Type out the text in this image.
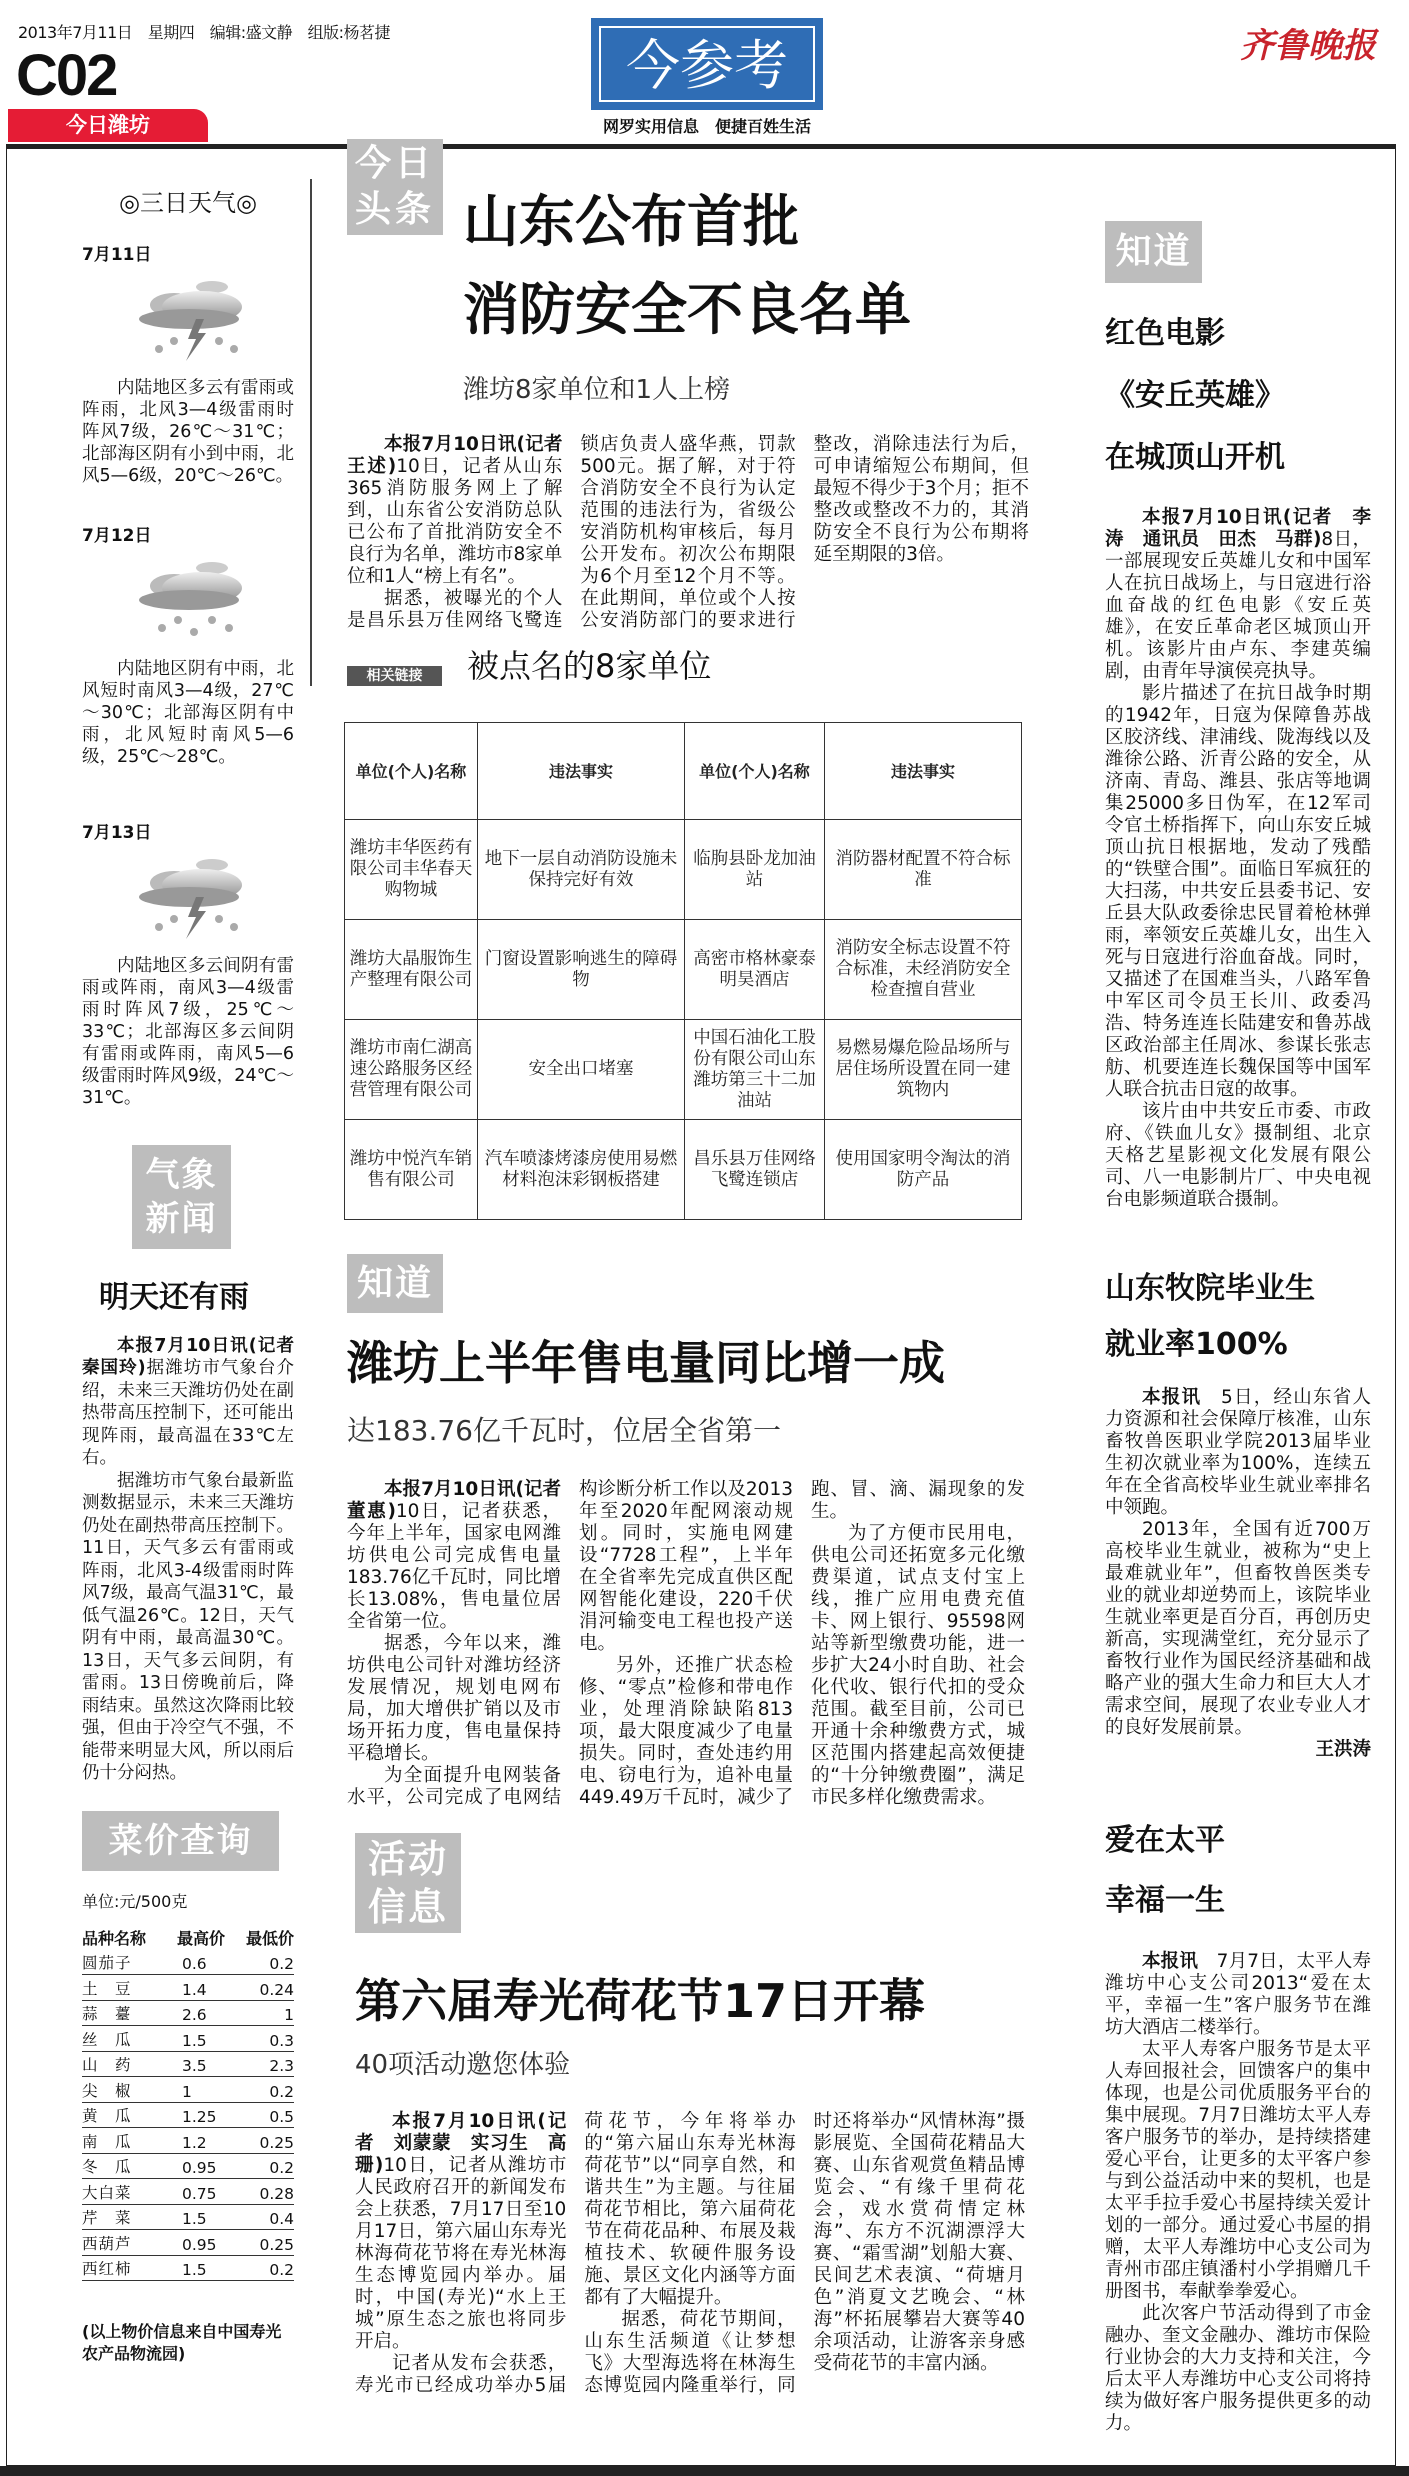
2013年7月11日　星期四　编辑:盛文静　组版:杨茗捷
C02
今日潍坊
今参考
网罗实用信息　便捷百姓生活
齐鲁晚报
◎三日天气◎
7月11日
内陆地区多云有雷雨或阵雨，北风3—4级雷雨时阵风7级，26℃～31℃；北部海区阴有小到中雨，北风5—6级，20℃～26℃。
7月12日
内陆地区阴有中雨，北风短时南风3—4级，27℃～30℃；北部海区阴有中雨，北风短时南风5—6级，25℃～28℃。
7月13日
内陆地区多云间阴有雷雨或阵雨，南风3—4级雷雨时阵风7级，25℃～33℃；北部海区多云间阴有雷雨或阵雨，南风5—6级雷雨时阵风9级，24℃～31℃。
气象新闻
明天还有雨

本报7月10日讯(记者　秦国玲)据潍坊市气象台介绍，未来三天潍坊仍处在副热带高压控制下，还可能出现阵雨，最高温在33℃左右。

据潍坊市气象台最新监测数据显示，未来三天潍坊仍处在副热带高压控制下。11日，天气多云有雷雨或阵雨，北风3-4级雷雨时阵风7级，最高气温31℃，最低气温26℃。12日，天气阴有中雨，最高温30℃。13日，天气多云间阴，有雷雨。13日傍晚前后，降雨结束。虽然这次降雨比较强，但由于冷空气不强，不能带来明显大风，所以雨后仍十分闷热。

菜价查询
单位:元/500克
品种名称	最高价	最低价
圆茄子	0.6	0.2
土　豆	1.4	0.24
蒜　薹	2.6	1
丝　瓜	1.5	0.3
山　药	3.5	2.3
尖　椒	1	0.2
黄　瓜	1.25	0.5
南　瓜	1.2	0.25
冬　瓜	0.95	0.2
大白菜	0.75	0.28
芹　菜	1.5	0.4
西葫芦	0.95	0.25
西红柿	1.5	0.2
(以上物价信息来自中国寿光农产品物流园)
今日头条 山东公布首批
消防安全不良名单
潍坊8家单位和1人上榜

本报7月10日讯(记者　王述)10日，记者从山东365消防服务网上了解到，山东省公安消防总队已公布了首批消防安全不良行为名单，潍坊市8家单位和1人“榜上有名”。

据悉，被曝光的个人是昌乐县万佳网络飞鹭连锁店负责人盛华燕，罚款500元。据了解，对于符合消防安全不良行为认定范围的违法行为，省级公安消防机构审核后，每月公开发布。初次公布期限为6个月至12个月不等。在此期间，单位或个人按公安消防部门的要求进行整改，消除违法行为后，可申请缩短公布期间，但最短不得少于3个月；拒不整改或整改不力的，其消防安全不良行为公布期将延至期限的3倍。

相关链接	被点名的8家单位
单位(个人)名称	违法事实	单位(个人)名称	违法事实
潍坊丰华医药有限公司丰华春天购物城	地下一层自动消防设施未保持完好有效	临朐县卧龙加油站	消防器材配置不符合标准
潍坊大晶服饰生产整理有限公司	门窗设置影响逃生的障碍物	高密市格林豪泰明昊酒店	消防安全标志设置不符合标准，未经消防安全检查擅自营业
潍坊市南仁湖高速公路服务区经营管理有限公司	安全出口堵塞	中国石油化工股份有限公司山东潍坊第三十二加油站	易燃易爆危险品场所与居住场所设置在同一建筑物内
潍坊中悦汽车销售有限公司	汽车喷漆烤漆房使用易燃材料泡沫彩钢板搭建	昌乐县万佳网络飞鹭连锁店	使用国家明令淘汰的消防产品
知道
潍坊上半年售电量同比增一成
达183.76亿千瓦时，位居全省第一

本报7月10日讯(记者　董惠)10日，记者获悉，今年上半年，国家电网潍坊供电公司完成售电量183.76亿千瓦时，同比增长13.08%，售电量位居全省第一位。

据悉，今年以来，潍坊供电公司针对潍坊经济发展情况，规划电网布局，加大增供扩销以及市场开拓力度，售电量保持平稳增长。

为全面提升电网装备水平，公司完成了电网结构诊断分析工作以及2013年至2020年配网滚动规划。同时，实施电网建设“7728工程”，上半年在全省率先完成直供区配网智能化建设，220千伏涓河输变电工程也投产送电。

另外，还推广状态检修、“零点”检修和带电作业，处理消除缺陷813项，最大限度减少了电量损失。同时，查处违约用电、窃电行为，追补电量449.49万千瓦时，减少了跑、冒、滴、漏现象的发生。

为了方便市民用电，供电公司还拓宽多元化缴费渠道，试点支付宝上线，推广应用电费充值卡、网上银行、95598网站等新型缴费功能，进一步扩大24小时自助、社会化代收、银行代扣的受众范围。截至目前，公司已开通十余种缴费方式，城区范围内搭建起高效便捷的“十分钟缴费圈”，满足市民多样化缴费需求。

活动信息
第六届寿光荷花节17日开幕
40项活动邀您体验

本报7月10日讯(记者　刘蒙蒙　实习生　高珊)10日，记者从潍坊市人民政府召开的新闻发布会上获悉，7月17日至10月17日，第六届山东寿光林海荷花节将在寿光林海生态博览园内举办。届时，中国(寿光)“水上王城”原生态之旅也将同步开启。

记者从发布会获悉，寿光市已经成功举办5届荷花节，今年将举办的“第六届山东寿光林海荷花节”以“同享自然，和谐共生”为主题。与往届荷花节相比，第六届荷花节在荷花品种、布展及栽植技术、软硬件服务设施、景区文化内涵等方面都有了大幅提升。

据悉，荷花节期间，山东生活频道《让梦想飞》大型海选将在林海生态博览园内隆重举行，同时还将举办“风情林海”摄影展览、全国荷花精品大赛、山东省观赏鱼精品博览会、“有缘千里荷花会，戏水赏荷情定林海”、东方不沉湖漂浮大赛、“霜雪湖”划船大赛、民间艺术表演、“荷塘月色”消夏文艺晚会、“林海”杯拓展攀岩大赛等40余项活动，让游客亲身感受荷花节的丰富内涵。

知道
红色电影
《安丘英雄》
在城顶山开机

本报7月10日讯(记者　李涛　通讯员　田杰　马群)8日，一部展现安丘英雄儿女和中国军人在抗日战场上，与日寇进行浴血奋战的红色电影《安丘英雄》，在安丘革命老区城顶山开机。该影片由卢东、李建英编剧，由青年导演侯亮执导。

影片描述了在抗日战争时期的1942年，日寇为保障鲁苏战区胶济线、津浦线、陇海线以及潍徐公路、沂青公路的安全，从济南、青岛、潍县、张店等地调集25000多日伪军，在12军司令官土桥指挥下，向山东安丘城顶山抗日根据地，发动了残酷的“铁壁合围”。面临日军疯狂的大扫荡，中共安丘县委书记、安丘县大队政委徐忠民冒着枪林弹雨，率领安丘英雄儿女，出生入死与日寇进行浴血奋战。同时，又描述了在国难当头，八路军鲁中军区司令员王长川、政委冯浩、特务连连长陆建安和鲁苏战区政治部主任周冰、参谋长张志舫、机要连连长魏保国等中国军人联合抗击日寇的故事。

该片由中共安丘市委、市政府、《铁血儿女》摄制组、北京天格艺星影视文化发展有限公司、八一电影制片厂、中央电视台电影频道联合摄制。

山东牧院毕业生
就业率100%

本报讯　 5日，经山东省人力资源和社会保障厅核准，山东畜牧兽医职业学院2013届毕业生初次就业率为100%，连续五年在全省高校毕业生就业率排名中领跑。

2013年，全国有近700万高校毕业生就业，被称为“史上最难就业年”，但畜牧兽医类专业的就业却逆势而上，该院毕业生就业率更是百分百，再创历史新高，实现满堂红，充分显示了畜牧行业作为国民经济基础和战略产业的强大生命力和巨大人才需求空间，展现了农业专业人才的良好发展前景。

王洪涛
爱在太平
幸福一生

本报讯　 7月7日，太平人寿潍坊中心支公司2013“爱在太平，幸福一生”客户服务节在潍坊大酒店二楼举行。

太平人寿客户服务节是太平人寿回报社会，回馈客户的集中体现，也是公司优质服务平台的集中展现。7月7日潍坊太平人寿客户服务节的举办，是持续搭建爱心平台，让更多的太平客户参与到公益活动中来的契机，也是太平手拉手爱心书屋持续关爱计划的一部分。通过爱心书屋的捐赠，太平人寿潍坊中心支公司为青州市邵庄镇潘村小学捐赠几千册图书，奉献拳拳爱心。

此次客户节活动得到了市金融办、奎文金融办、潍坊市保险行业协会的大力支持和关注，今后太平人寿潍坊中心支公司将持续为做好客户服务提供更多的动力。
